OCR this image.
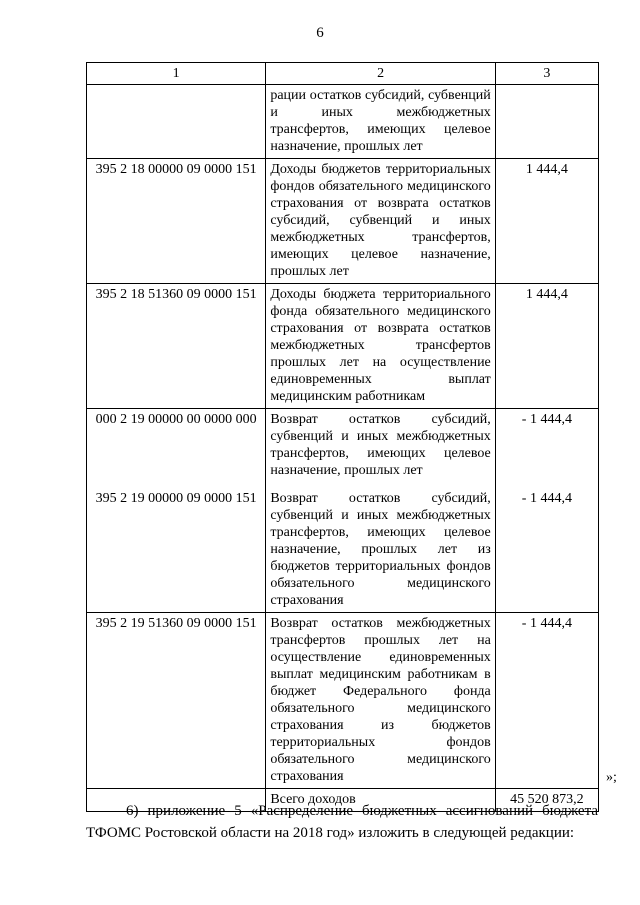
6
1	2	3
	рации остатков субсидий, субвенций и иных межбюджетных трансфертов, имеющих целевое назначение, прошлых лет	
395 2 18 00000 09 0000 151	Доходы бюджетов территориальных фондов обязательного медицинского страхования от возврата остатков субсидий, субвенций и иных межбюджетных трансфертов, имеющих целевое назначение, прошлых лет	1 444,4
395 2 18 51360 09 0000 151	Доходы бюджета территориального фонда обязательного медицинского страхования от возврата остатков межбюджетных трансфертов прошлых лет на осуществление единовременных выплат медицинским работникам	1 444,4
000 2 19 00000 00 0000 000	Возврат остатков субсидий, субвенций и иных межбюджетных трансфертов, имеющих целевое назначение, прошлых лет	- 1 444,4
395 2 19 00000 09 0000 151	Возврат остатков субсидий, субвенций и иных межбюджетных трансфертов, имеющих целевое назначение, прошлых лет из бюджетов территориальных фондов обязательного медицинского страхования	- 1 444,4
395 2 19 51360 09 0000 151	Возврат остатков межбюджетных трансфертов прошлых лет на осуществление единовременных выплат медицинским работникам в бюджет Федерального фонда обязательного медицинского страхования из бюджетов территориальных фондов обязательного медицинского страхования	- 1 444,4
	Всего доходов	45 520 873,2
»;
6) приложение 5 «Распределение бюджетных ассигнований бюджета ТФОМС Ростовской области на 2018 год» изложить в следующей редакции:
